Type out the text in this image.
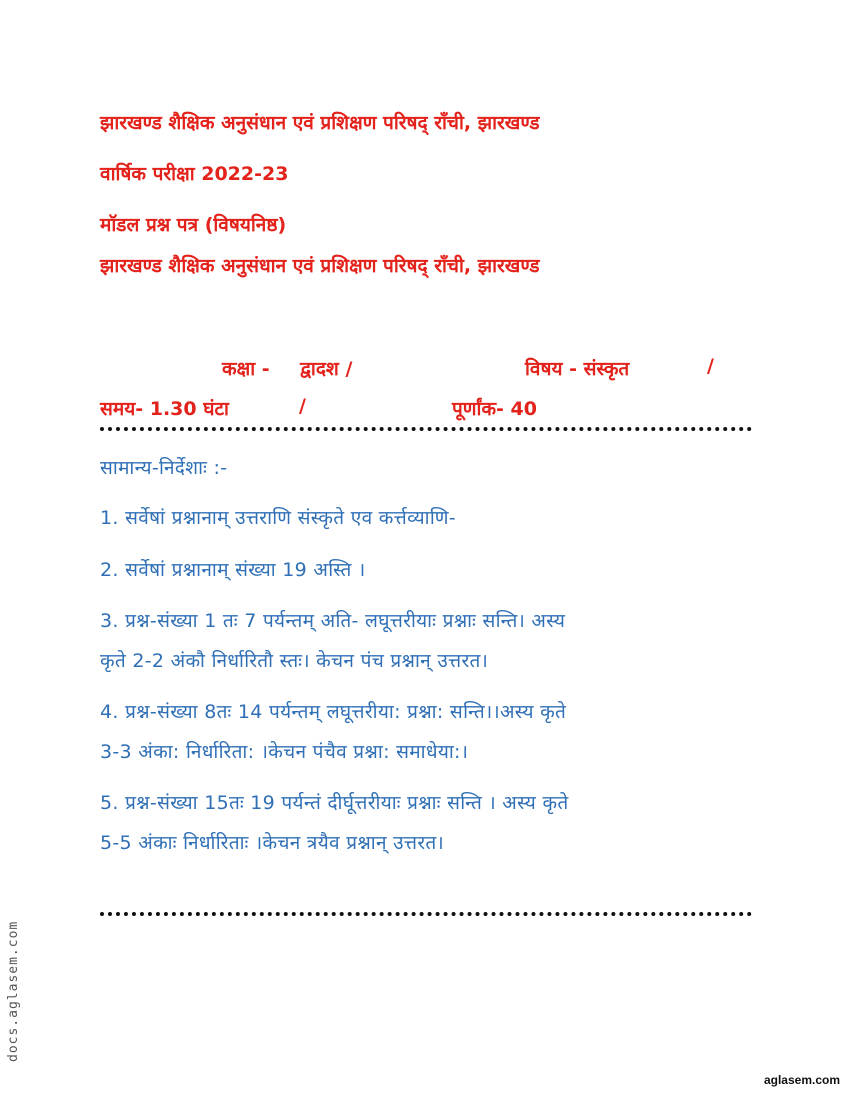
झारखण्ड शैक्षिक अनुसंधान एवं प्रशिक्षण परिषद् राँची, झारखण्ड

वार्षिक परीक्षा 2022-23

मॉडल प्रश्न पत्र (विषयनिष्ठ)

झारखण्ड शैक्षिक अनुसंधान एवं प्रशिक्षण परिषद् राँची, झारखण्ड

कक्षा - द्वादश /	विषय - संस्कृत	/
समय- 1.30 घंटा	/	पूर्णांक- 40

सामान्य-निर्देशाः :-

1. सर्वेषां प्रश्नानाम् उत्तराणि संस्कृते एव कर्त्तव्याणि-

2. सर्वेषां प्रश्नानाम् संख्या 19 अस्ति ।

3. प्रश्न-संख्या 1 तः 7 पर्यन्तम् अति- लघूत्तरीयाः प्रश्नाः सन्ति। अस्य

कृते 2-2 अंकौ निर्धारितौ स्तः। केचन पंच प्रश्नान् उत्तरत।

4. प्रश्न-संख्या 8तः 14 पर्यन्तम् लघूत्तरीया: प्रश्ना: सन्ति।।अस्य कृते

3-3 अंका: निर्धारिता: ।केचन पंचैव प्रश्ना: समाधेया:।

5. प्रश्न-संख्या 15तः 19 पर्यन्तं दीर्घूत्तरीयाः प्रश्नाः सन्ति । अस्य कृते

5-5 अंकाः निर्धारिताः ।केचन त्रयैव प्रश्नान् उत्तरत।

docs.aglasem.com
aglasem.com
